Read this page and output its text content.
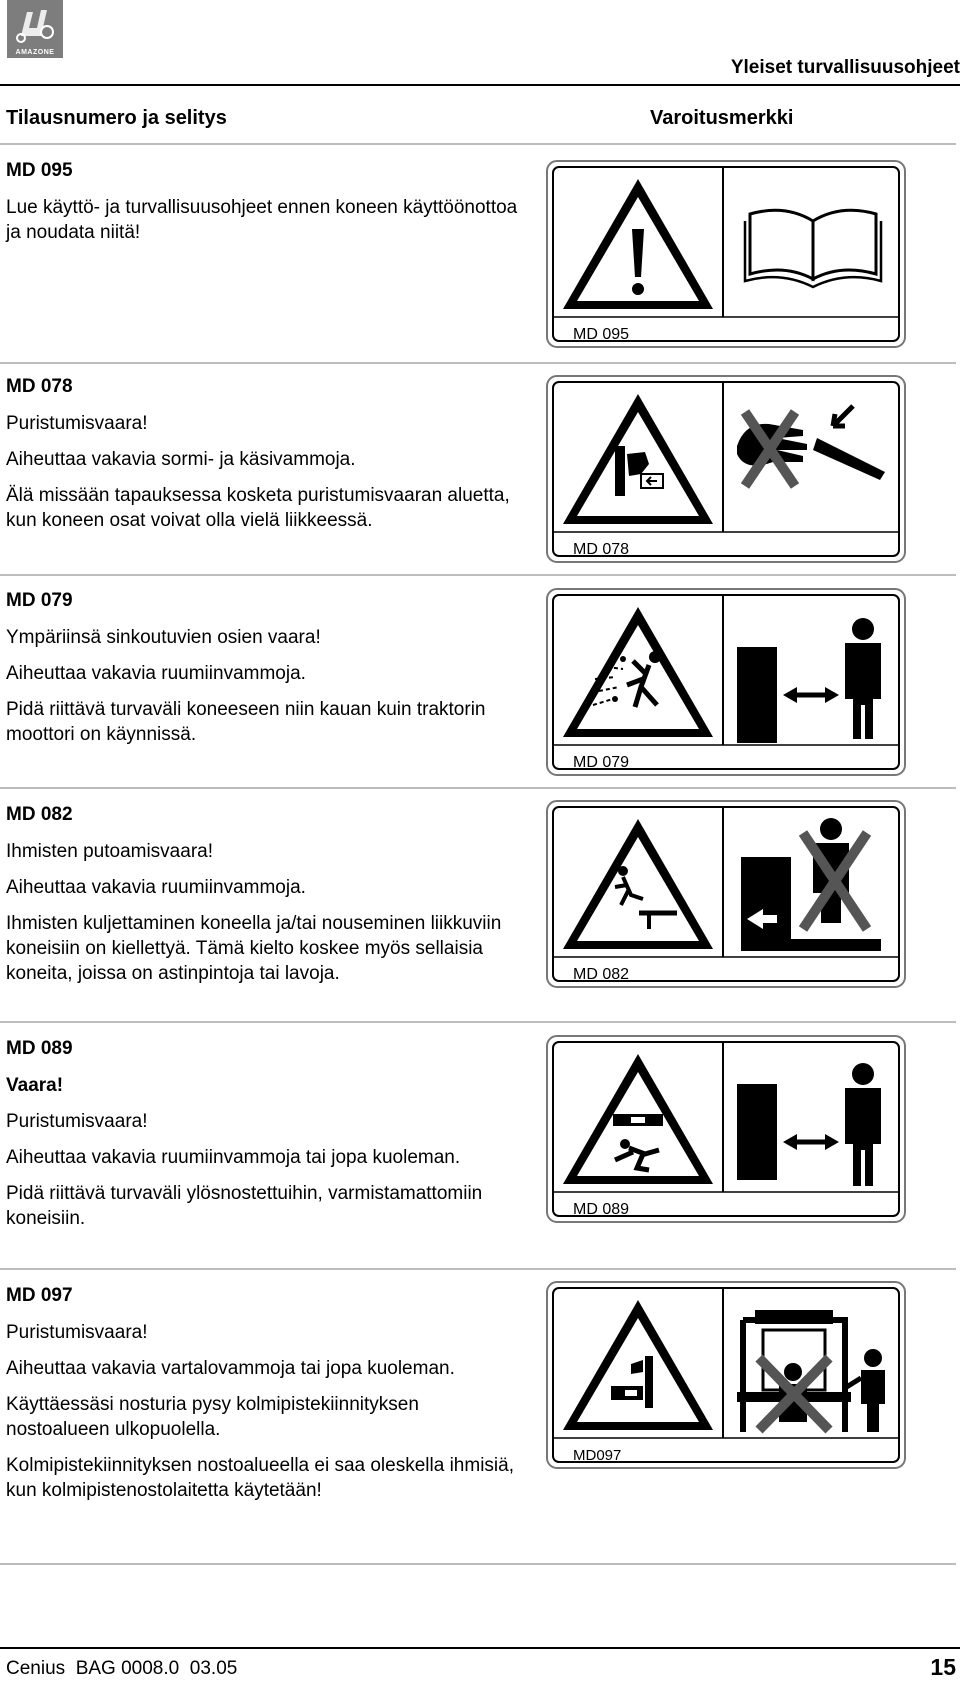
AMAZONE
Yleiset turvallisuusohjeet
Tilausnumero ja selitys	Varoitusmerkki
MD 095

Lue käyttö- ja turvallisuusohjeet ennen koneen käyttöönottoa ja noudata niitä!

MD 095
MD 078

Puristumisvaara!

Aiheuttaa vakavia sormi- ja käsivammoja.

Älä missään tapauksessa kosketa puristumisvaaran aluetta, kun koneen osat voivat olla vielä liikkeessä.

MD 078
MD 079

Ympäriinsä sinkoutuvien osien vaara!

Aiheuttaa vakavia ruumiinvammoja.

Pidä riittävä turvaväli koneeseen niin kauan kuin traktorin moottori on käynnissä.

MD 079
MD 082

Ihmisten putoamisvaara!

Aiheuttaa vakavia ruumiinvammoja.

Ihmisten kuljettaminen koneella ja/tai nouseminen liikkuviin koneisiin on kiellettyä. Tämä kielto koskee myös sellaisia koneita, joissa on astinpintoja tai lavoja.	MD 082
MD 089

Vaara!

Puristumisvaara!

Aiheuttaa vakavia ruumiinvammoja tai jopa kuoleman.

Pidä riittävä turvaväli ylösnostettuihin, varmistamattomiin koneisiin.	MD 089
MD 097

Puristumisvaara!

Aiheuttaa vakavia vartalovammoja tai jopa kuoleman.

Käyttäessäsi nosturia pysy kolmipistekiinnityksen nostoalueen ulkopuolella.

Kolmipistekiinnityksen nostoalueella ei saa oleskella ihmisiä, kun kolmipistenostolaitetta käytetään!

MD097
Cenius  BAG 0008.0  03.05	15
